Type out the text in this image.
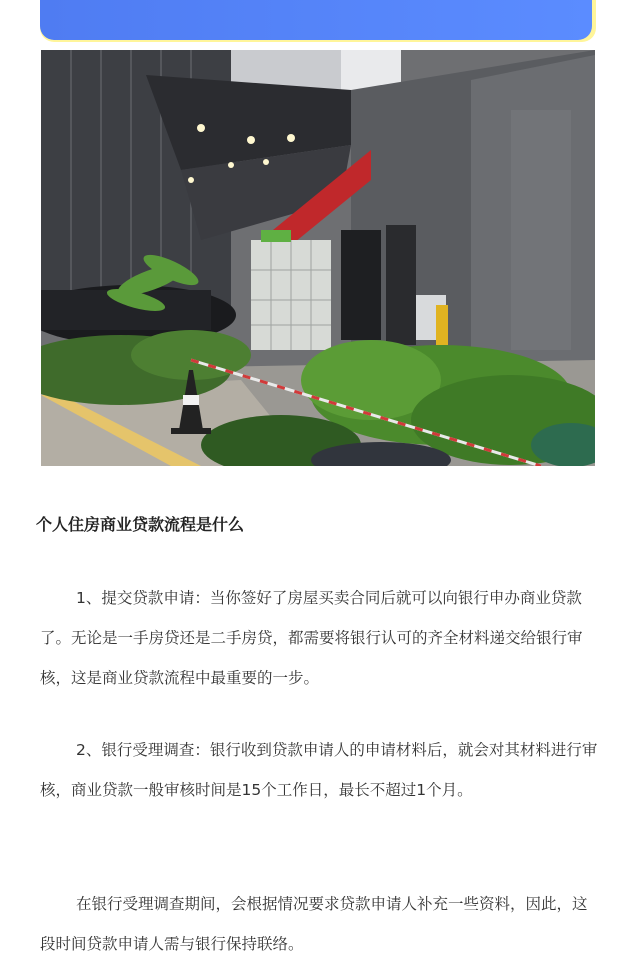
个人住房商业贷款流程是什么

1、提交贷款申请：当你签好了房屋买卖合同后就可以向银行申办商业贷款了。无论是一手房贷还是二手房贷，都需要将银行认可的齐全材料递交给银行审核，这是商业贷款流程中最重要的一步。

2、银行受理调查：银行收到贷款申请人的申请材料后，就会对其材料进行审核，商业贷款一般审核时间是15个工作日，最长不超过1个月。

在银行受理调查期间，会根据情况要求贷款申请人补充一些资料，因此，这段时间贷款申请人需与银行保持联络。
